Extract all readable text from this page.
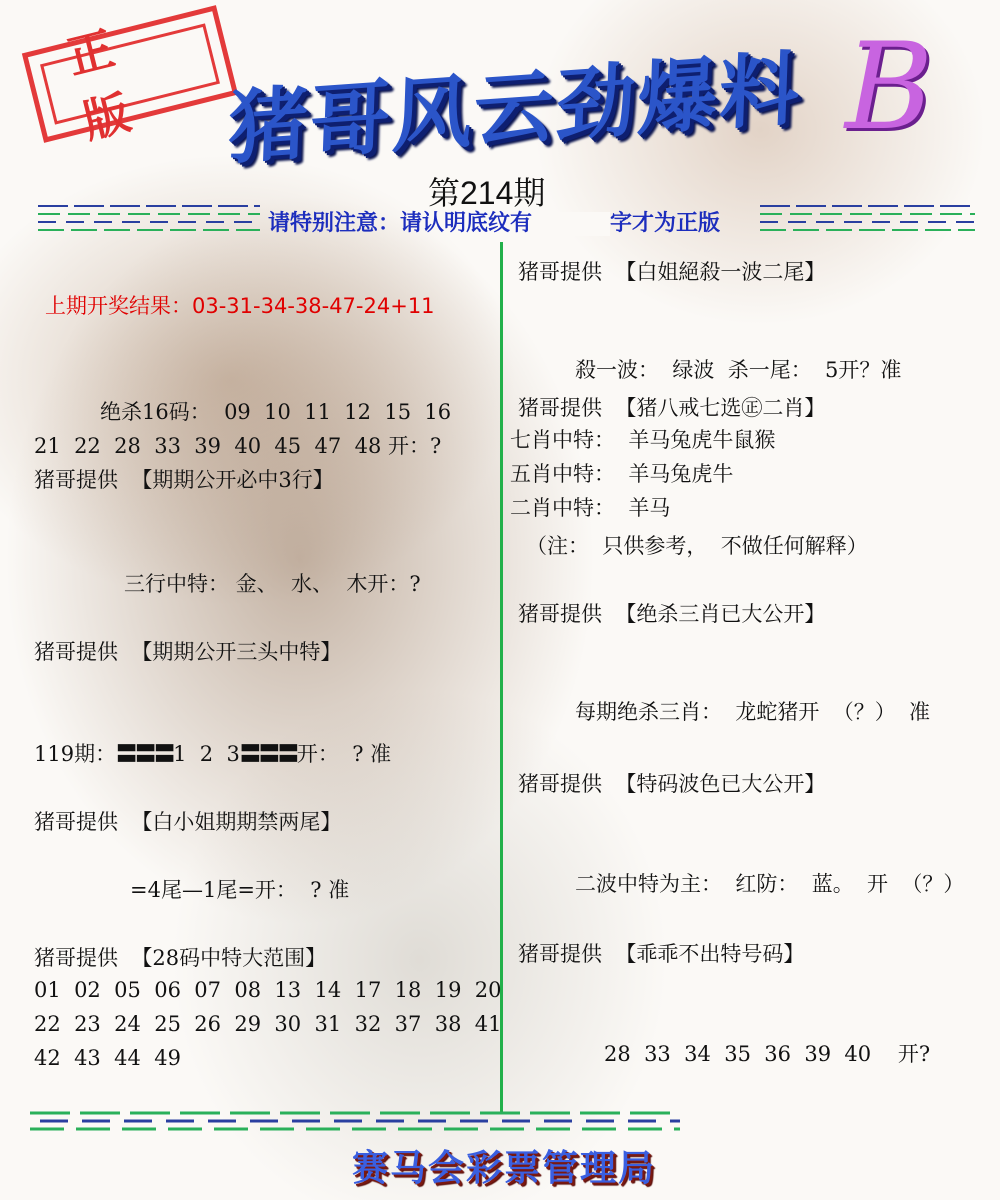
正版 猪哥风云劲爆料 B
第214期
请特别注意：请认明底纹有	字才为正版
上期开奖结果：03-31-34-38-47-24+11
绝杀16码：  09  10  11  12  15  16
21  22  28  33  39  40  45  47  48 开：?
猪哥提供  【期期公开必中3行】
三行中特： 金、  水、  木开：?
猪哥提供  【期期公开三头中特】
119期：〓〓〓1  2  3〓〓〓开：  ? 准
猪哥提供  【白小姐期期禁两尾】
=4尾—1尾=开：  ? 准
猪哥提供  【28码中特大范围】
01  02  05  06  07  08  13  14  17  18  19  20
22  23  24  25  26  29  30  31  32  37  38  41
42  43  44  49
猪哥提供  【白姐絕殺一波二尾】
殺一波：  绿波  杀一尾：  5开？准
猪哥提供  【猪八戒七选㊣二肖】
七肖中特：  羊马兔虎牛鼠猴
五肖中特：  羊马兔虎牛
二肖中特：  羊马
（注：  只供参考，  不做任何解释）
猪哥提供  【绝杀三肖已大公开】
每期绝杀三肖：  龙蛇猪开  （？）  准
猪哥提供  【特码波色已大公开】
二波中特为主：  红防：  蓝。  开  （？）
猪哥提供  【乖乖不出特号码】
28  33  34  35  36  39  40    开?
赛马会彩票管理局
